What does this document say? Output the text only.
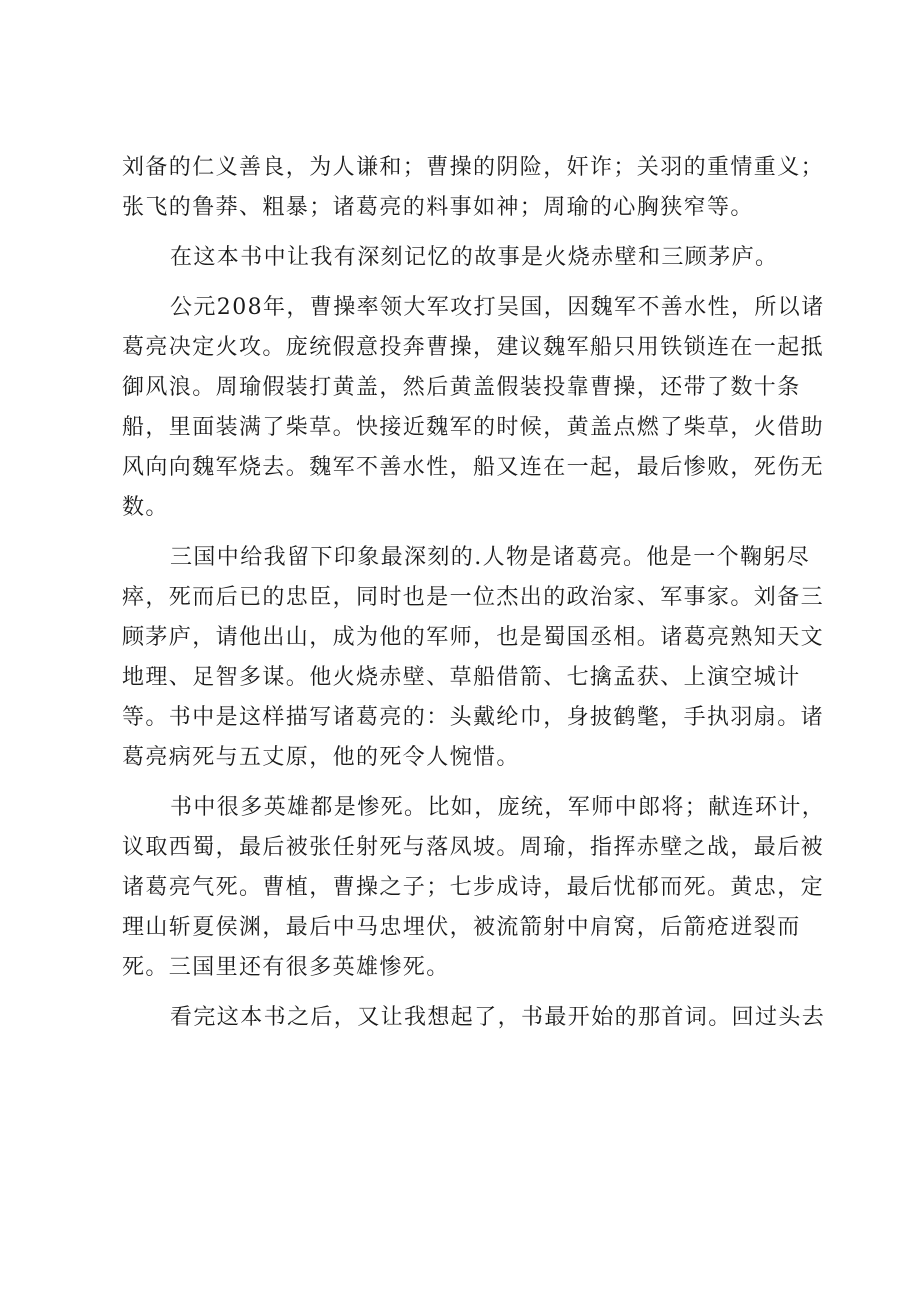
刘备的仁义善良，为人谦和；曹操的阴险，奸诈；关羽的重情重义；张飞的鲁莽、粗暴；诸葛亮的料事如神；周瑜的心胸狭窄等。

在这本书中让我有深刻记忆的故事是火烧赤壁和三顾茅庐。

公元208年，曹操率领大军攻打吴国，因魏军不善水性，所以诸葛亮决定火攻。庞统假意投奔曹操，建议魏军船只用铁锁连在一起抵御风浪。周瑜假装打黄盖，然后黄盖假装投靠曹操，还带了数十条船，里面装满了柴草。快接近魏军的时候，黄盖点燃了柴草，火借助风向向魏军烧去。魏军不善水性，船又连在一起，最后惨败，死伤无数。

三国中给我留下印象最深刻的.人物是诸葛亮。他是一个鞠躬尽瘁，死而后已的忠臣，同时也是一位杰出的政治家、军事家。刘备三顾茅庐，请他出山，成为他的军师，也是蜀国丞相。诸葛亮熟知天文地理、足智多谋。他火烧赤壁、草船借箭、七擒孟获、上演空城计等。书中是这样描写诸葛亮的：头戴纶巾，身披鹤氅，手执羽扇。诸葛亮病死与五丈原，他的死令人惋惜。

书中很多英雄都是惨死。比如，庞统，军师中郎将；献连环计，议取西蜀，最后被张任射死与落凤坡。周瑜，指挥赤壁之战，最后被诸葛亮气死。曹植，曹操之子；七步成诗，最后忧郁而死。黄忠，定理山斩夏侯渊，最后中马忠埋伏，被流箭射中肩窝，后箭疮迸裂而死。三国里还有很多英雄惨死。

看完这本书之后，又让我想起了，书最开始的那首词。回过头去
